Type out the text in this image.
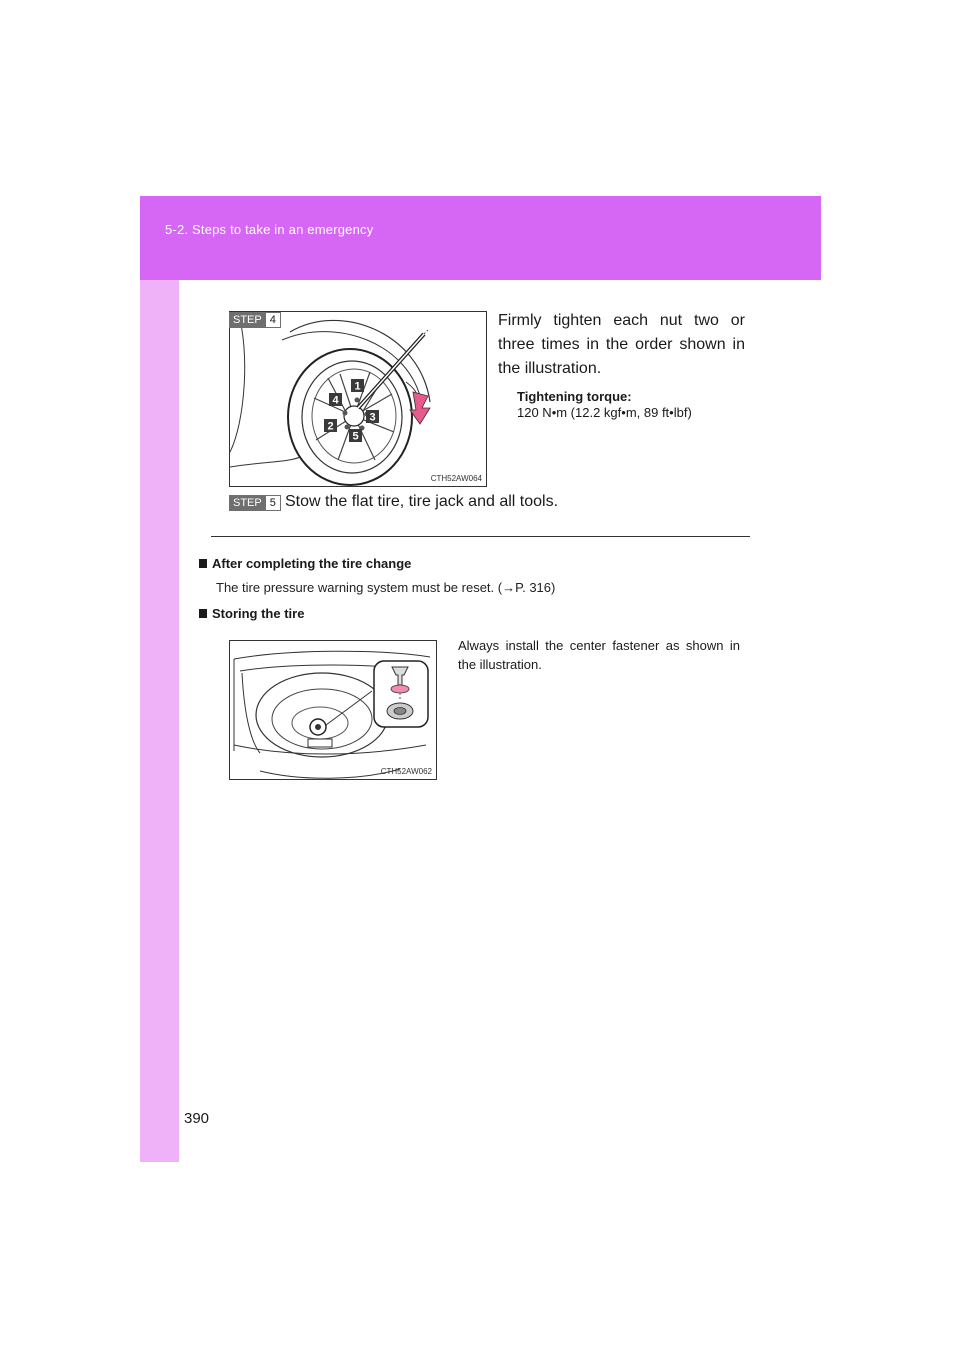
5-2. Steps to take in an emergency
1
4
3
2
5
CTH52AW064
STEP 4	Firmly tighten each nut two or three times in the order shown in the illustration.
Tightening torque:
120 N•m (12.2 kgf•m, 89 ft•lbf)
STEP 5 Stow the flat tire, tire jack and all tools.
After completing the tire change
The tire pressure warning system must be reset. (→P. 316)
Storing the tire
CTH52AW062
Always install the center fastener as shown in the illustration.
390
